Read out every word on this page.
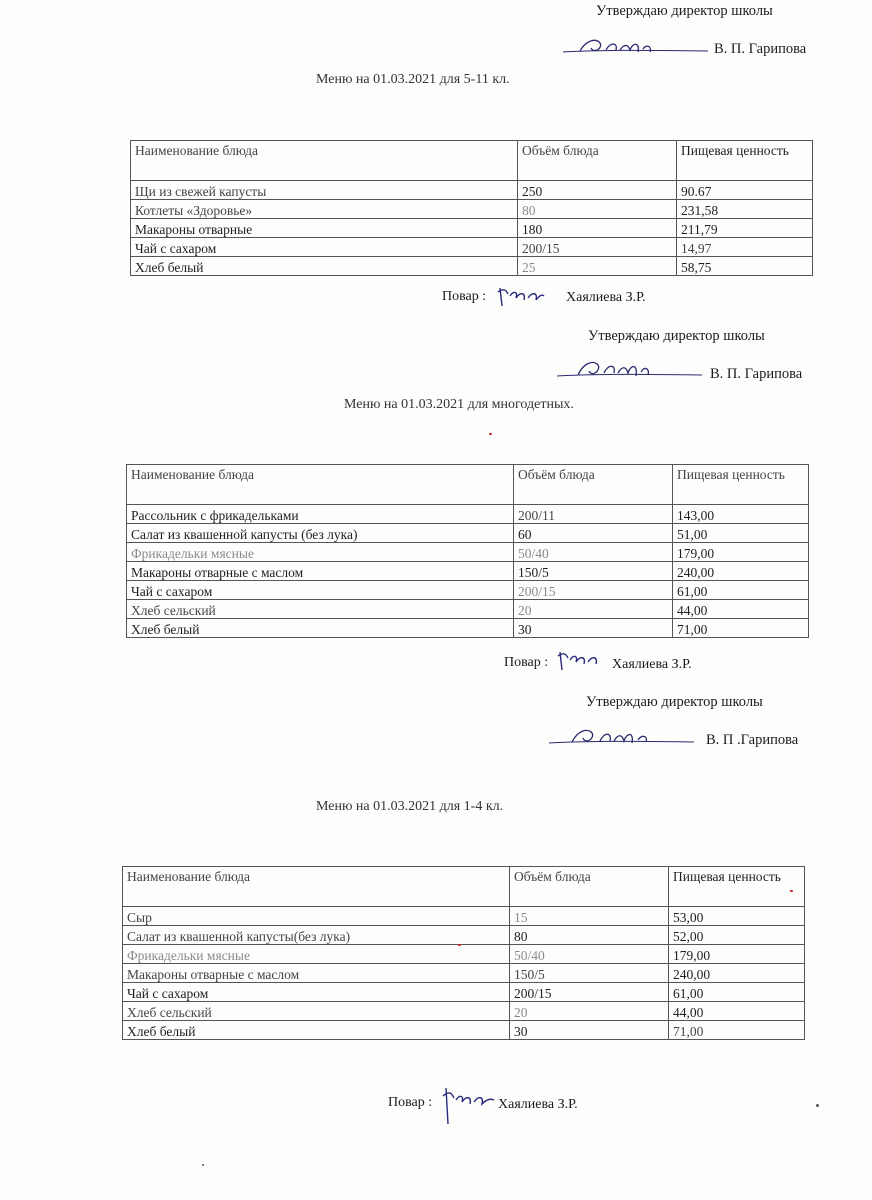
Утверждаю директор школы
В. П. Гарипова
Меню на 01.03.2021 для 5-11 кл.
Наименование блюда	Объём блюда	Пищевая ценность
Щи из свежей капусты	250	90.67
Котлеты «Здоровье»	80	231,58
Макароны отварные	180	211,79
Чай с сахаром	200/15	14,97
Хлеб белый	25	58,75
Повар :	Хаялиева З.Р.
Утверждаю директор школы
В. П. Гарипова
Меню на 01.03.2021 для многодетных.
Наименование блюда	Объём блюда	Пищевая ценность
Рассольник с фрикадельками	200/11	143,00
Салат из квашенной капусты (без лука)	60	51,00
Фрикадельки мясные	50/40	179,00
Макароны отварные с маслом	150/5	240,00
Чай с сахаром	200/15	61,00
Хлеб сельский	20	44,00
Хлеб белый	30	71,00
Повар :	Хаялиева З.Р.
Утверждаю директор школы
В. П .Гарипова
Меню на 01.03.2021 для 1-4 кл.
Наименование блюда	Объём блюда	Пищевая ценность
Сыр	15	53,00
Салат из квашенной капусты(без лука)	80	52,00
Фрикадельки мясные	50/40	179,00
Макароны отварные с маслом	150/5	240,00
Чай с сахаром	200/15	61,00
Хлеб сельский	20	44,00
Хлеб белый	30	71,00
Повар :	Хаялиева З.Р.
